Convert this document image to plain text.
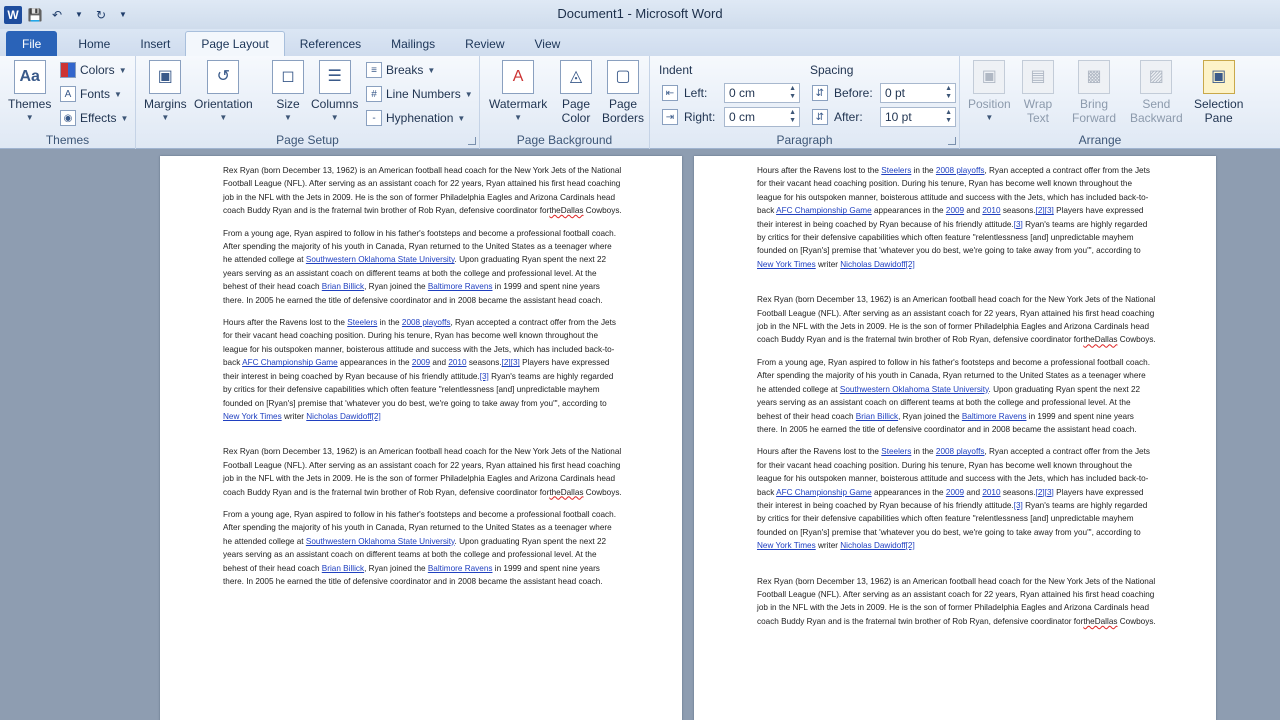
W 💾 ↶	▼	↻	▼	Document1 - Microsoft Word
File	Home	Insert	Page Layout	References	Mailings	Review	View
Aa
Themes
▼
Colors ▼
A Fonts ▼
◉ Effects ▼
Themes
▣
Margins
▼
↺
Orientation
▼
◻
Size
▼
☰
Columns
▼
≡ Breaks ▼
# Line Numbers ▼
- Hyphenation ▼
Page Setup
A
Watermark
▼
◬
Page
Color
▢
Page
Borders
Page Background
Indent
⇤ Left:	0 cm	▲
▼
⇥ Right: 0 cm	▲
▼
Spacing
⇵ Before: 0 pt	▲
▼
⇵ After:	10 pt	▲
▼
Paragraph
▣
Position
▼
▤
Wrap
Text
▩
Bring
Forward
▨
Send
Backward
▣
Selection
Pane
Arrange

Rex Ryan (born December 13, 1962) is an American football head coach for the New York Jets of the National Football League (NFL). After serving as an assistant coach for 22 years, Ryan attained his first head coaching job in the NFL with the Jets in 2009. He is the son of former Philadelphia Eagles and Arizona Cardinals head coach Buddy Ryan and is the fraternal twin brother of Rob Ryan, defensive coordinator fortheDallas Cowboys.

From a young age, Ryan aspired to follow in his father's footsteps and become a professional football coach. After spending the majority of his youth in Canada, Ryan returned to the United States as a teenager where he attended college at Southwestern Oklahoma State University. Upon graduating Ryan spent the next 22 years serving as an assistant coach on different teams at both the college and professional level. At the behest of their head coach Brian Billick, Ryan joined the Baltimore Ravens in 1999 and spent nine years there. In 2005 he earned the title of defensive coordinator and in 2008 became the assistant head coach.

Hours after the Ravens lost to the Steelers in the 2008 playoffs, Ryan accepted a contract offer from the Jets for their vacant head coaching position. During his tenure, Ryan has become well known throughout the league for his outspoken manner, boisterous attitude and success with the Jets, which has included back-to-back AFC Championship Game appearances in the 2009 and 2010 seasons.[2][3] Players have expressed their interest in being coached by Ryan because of his friendly attitude.[3] Ryan's teams are highly regarded by critics for their defensive capabilities which often feature "relentlessness [and] unpredictable mayhem founded on [Ryan's] premise that 'whatever you do best, we're going to take away from you'", according to New York Times writer Nicholas Dawidoff[2]

Rex Ryan (born December 13, 1962) is an American football head coach for the New York Jets of the National Football League (NFL). After serving as an assistant coach for 22 years, Ryan attained his first head coaching job in the NFL with the Jets in 2009. He is the son of former Philadelphia Eagles and Arizona Cardinals head coach Buddy Ryan and is the fraternal twin brother of Rob Ryan, defensive coordinator fortheDallas Cowboys.

From a young age, Ryan aspired to follow in his father's footsteps and become a professional football coach. After spending the majority of his youth in Canada, Ryan returned to the United States as a teenager where he attended college at Southwestern Oklahoma State University. Upon graduating Ryan spent the next 22 years serving as an assistant coach on different teams at both the college and professional level. At the behest of their head coach Brian Billick, Ryan joined the Baltimore Ravens in 1999 and spent nine years there. In 2005 he earned the title of defensive coordinator and in 2008 became the assistant head coach.

Hours after the Ravens lost to the Steelers in the 2008 playoffs, Ryan accepted a contract offer from the Jets for their vacant head coaching position. During his tenure, Ryan has become well known throughout the league for his outspoken manner, boisterous attitude and success with the Jets, which has included back-to-back AFC Championship Game appearances in the 2009 and 2010 seasons.[2][3] Players have expressed their interest in being coached by Ryan because of his friendly attitude.[3] Ryan's teams are highly regarded by critics for their defensive capabilities which often feature "relentlessness [and] unpredictable mayhem founded on [Ryan's] premise that 'whatever you do best, we're going to take away from you'", according to New York Times writer Nicholas Dawidoff[2]

Rex Ryan (born December 13, 1962) is an American football head coach for the New York Jets of the National Football League (NFL). After serving as an assistant coach for 22 years, Ryan attained his first head coaching job in the NFL with the Jets in 2009. He is the son of former Philadelphia Eagles and Arizona Cardinals head coach Buddy Ryan and is the fraternal twin brother of Rob Ryan, defensive coordinator fortheDallas Cowboys.

From a young age, Ryan aspired to follow in his father's footsteps and become a professional football coach. After spending the majority of his youth in Canada, Ryan returned to the United States as a teenager where he attended college at Southwestern Oklahoma State University. Upon graduating Ryan spent the next 22 years serving as an assistant coach on different teams at both the college and professional level. At the behest of their head coach Brian Billick, Ryan joined the Baltimore Ravens in 1999 and spent nine years there. In 2005 he earned the title of defensive coordinator and in 2008 became the assistant head coach.

Hours after the Ravens lost to the Steelers in the 2008 playoffs, Ryan accepted a contract offer from the Jets for their vacant head coaching position. During his tenure, Ryan has become well known throughout the league for his outspoken manner, boisterous attitude and success with the Jets, which has included back-to-back AFC Championship Game appearances in the 2009 and 2010 seasons.[2][3] Players have expressed their interest in being coached by Ryan because of his friendly attitude.[3] Ryan's teams are highly regarded by critics for their defensive capabilities which often feature "relentlessness [and] unpredictable mayhem founded on [Ryan's] premise that 'whatever you do best, we're going to take away from you'", according to New York Times writer Nicholas Dawidoff[2]

Rex Ryan (born December 13, 1962) is an American football head coach for the New York Jets of the National Football League (NFL). After serving as an assistant coach for 22 years, Ryan attained his first head coaching job in the NFL with the Jets in 2009. He is the son of former Philadelphia Eagles and Arizona Cardinals head coach Buddy Ryan and is the fraternal twin brother of Rob Ryan, defensive coordinator fortheDallas Cowboys.
